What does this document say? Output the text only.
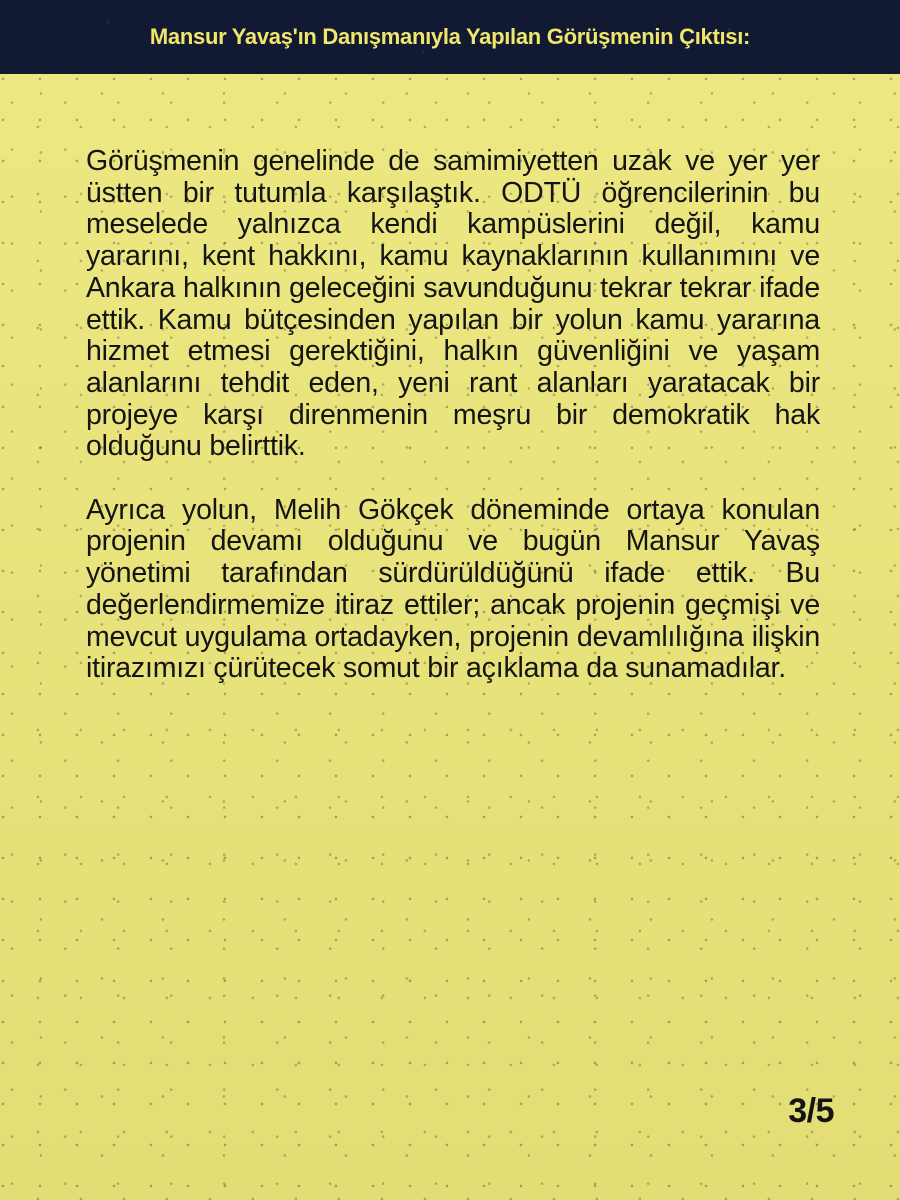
Mansur Yavaş'ın Danışmanıyla Yapılan Görüşmenin Çıktısı:

Görüşmenin genelinde de samimiyetten uzak ve yer yer üstten bir tutumla karşılaştık. ODTÜ öğrencilerinin bu meselede yalnızca kendi kampüslerini değil, kamu yararını, kent hakkını, kamu kaynaklarının kullanımını ve Ankara halkının geleceğini savunduğunu tekrar tekrar ifade ettik. Kamu bütçesinden yapılan bir yolun kamu yararına hizmet etmesi gerektiğini, halkın güvenliğini ve yaşam alanlarını tehdit eden, yeni rant alanları yaratacak bir projeye karşı direnmenin meşru bir demokratik hak olduğunu belirttik.

Ayrıca yolun, Melih Gökçek döneminde ortaya konulan projenin devamı olduğunu ve bugün Mansur Yavaş yönetimi tarafından sürdürüldüğünü ifade ettik. Bu değerlendirmemize itiraz ettiler; ancak projenin geçmişi ve mevcut uygulama ortadayken, projenin devamlılığına ilişkin itirazımızı çürütecek somut bir açıklama da sunamadılar.

3/5
